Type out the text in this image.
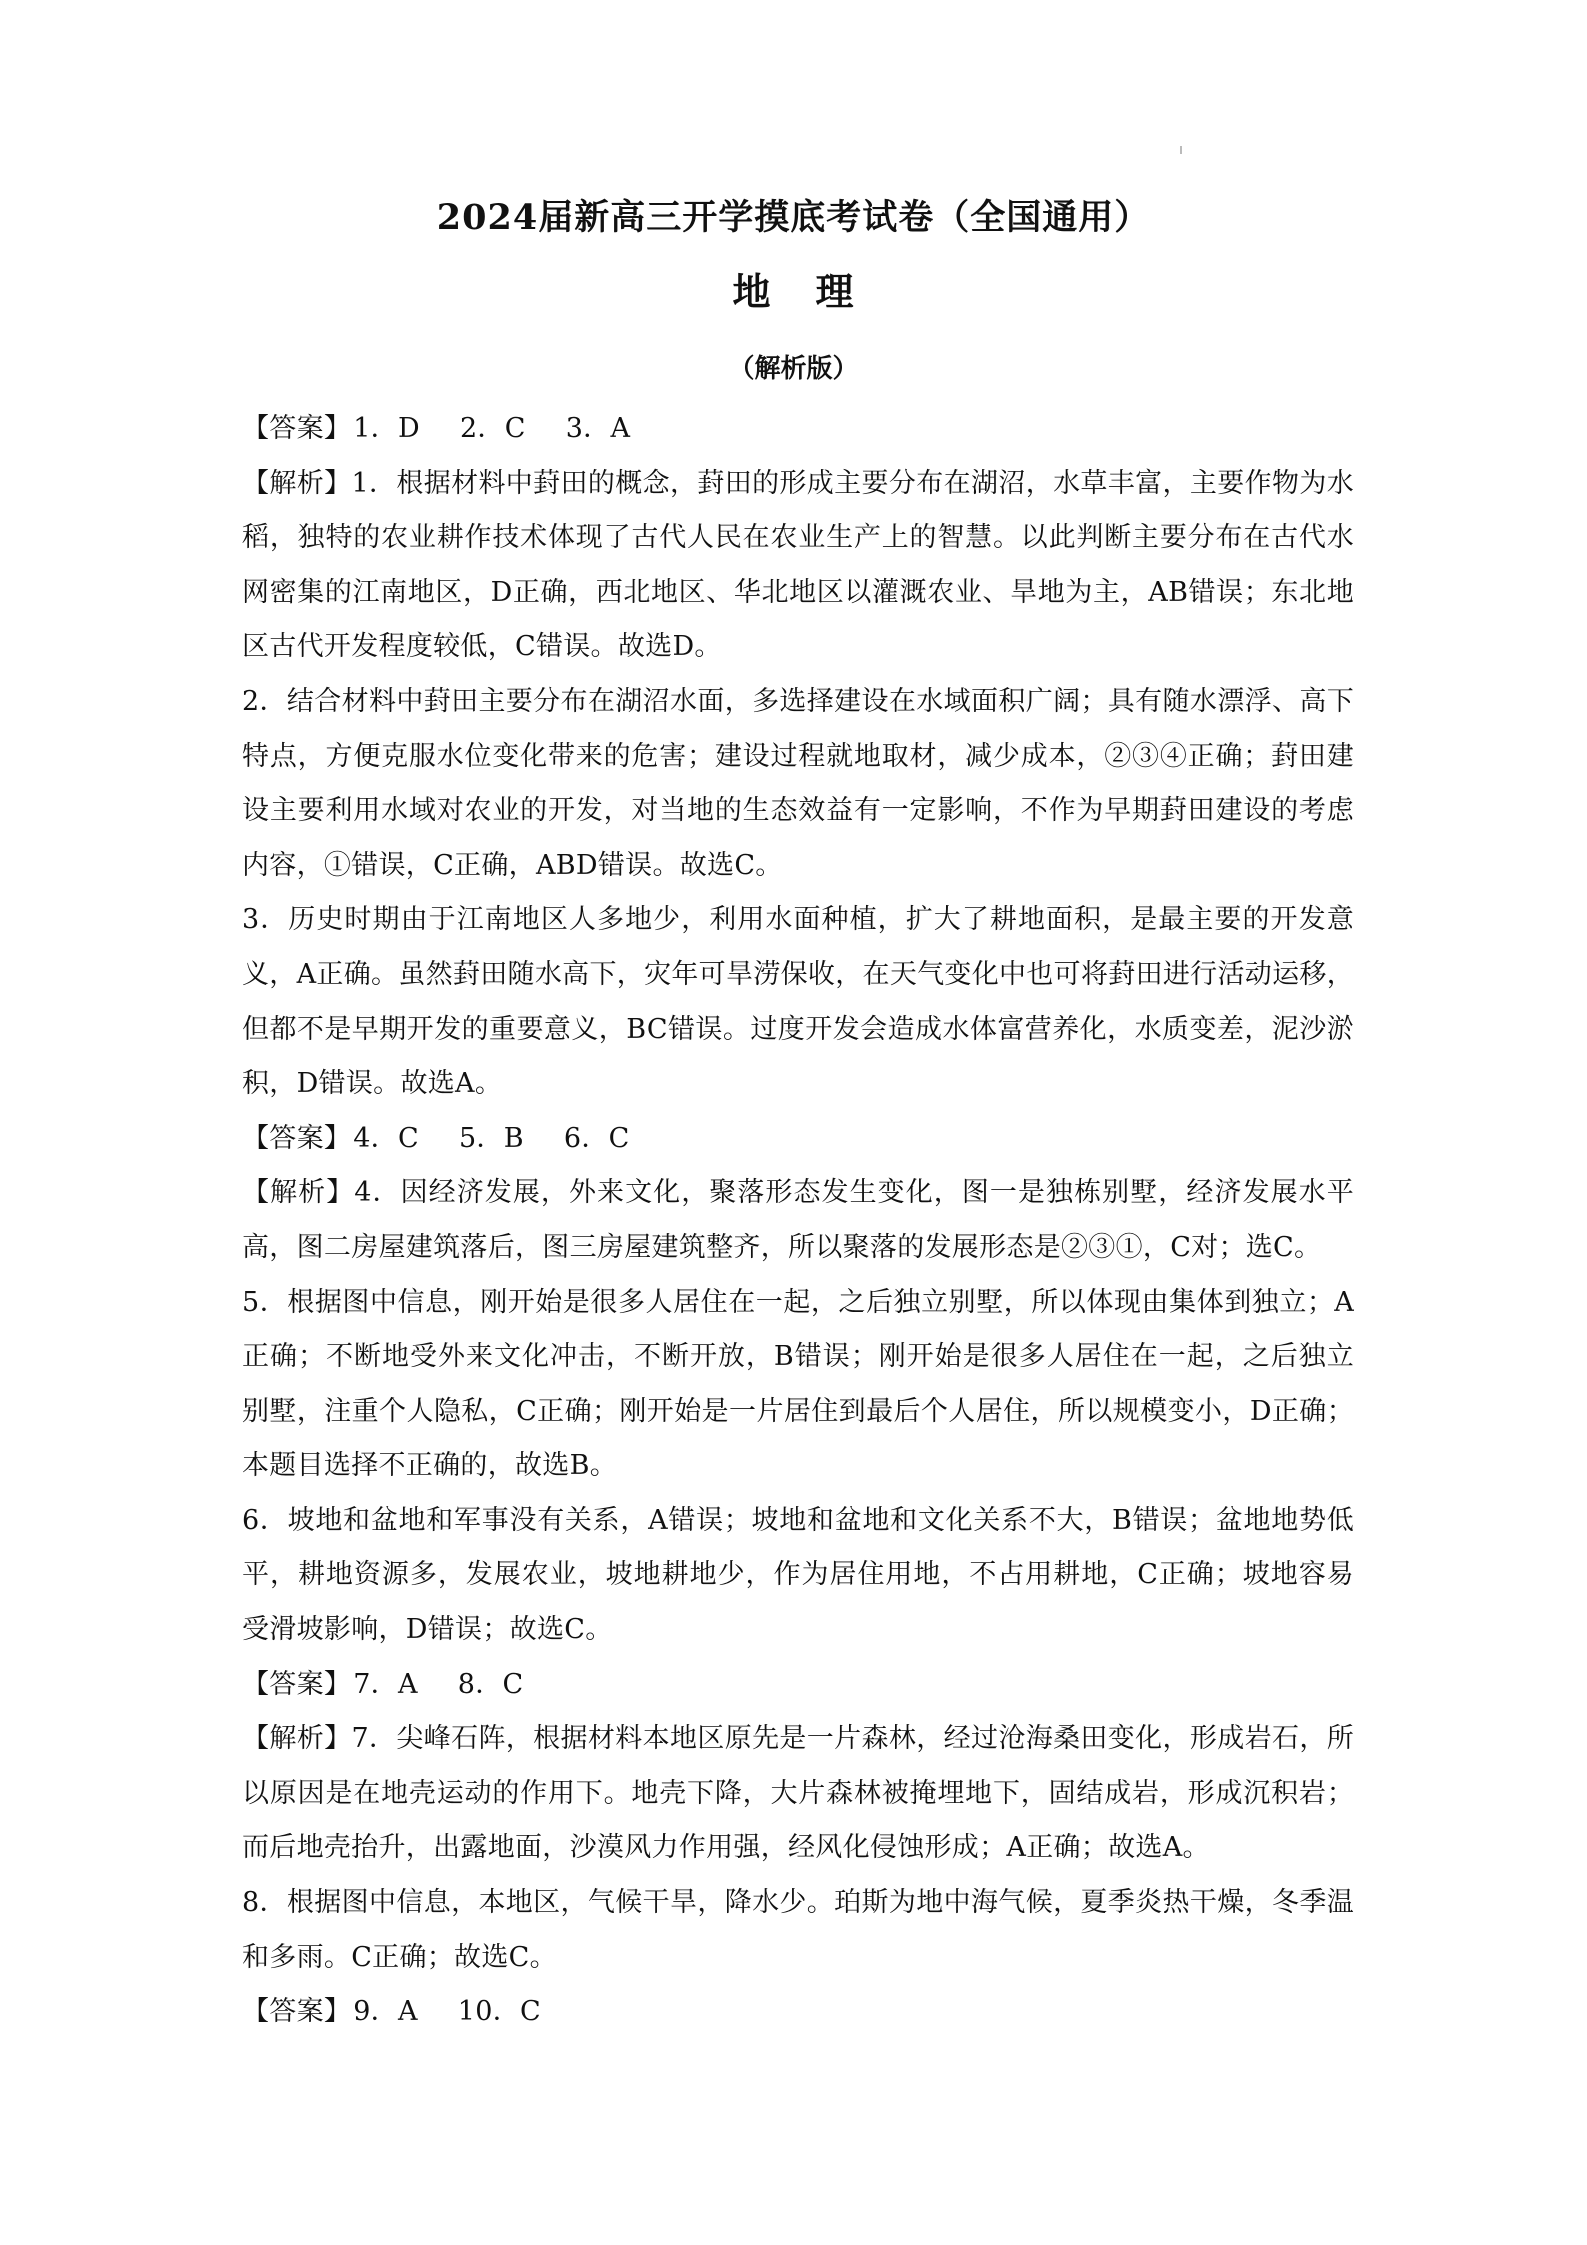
2024届新高三开学摸底考试卷（全国通用）
地 理
（解析版）

【答案】1．D 2．C 3．A

【解析】1．根据材料中葑田的概念，葑田的形成主要分布在湖沼，水草丰富，主要作物为水稻，独特的农业耕作技术体现了古代人民在农业生产上的智慧。以此判断主要分布在古代水网密集的江南地区，D正确，西北地区、华北地区以灌溉农业、旱地为主，AB错误；东北地区古代开发程度较低，C错误。故选D。

2．结合材料中葑田主要分布在湖沼水面，多选择建设在水域面积广阔；具有随水漂浮、高下特点，方便克服水位变化带来的危害；建设过程就地取材，减少成本，②③④正确；葑田建设主要利用水域对农业的开发，对当地的生态效益有一定影响，不作为早期葑田建设的考虑内容，①错误，C正确，ABD错误。故选C。

3．历史时期由于江南地区人多地少，利用水面种植，扩大了耕地面积，是最主要的开发意义，A正确。虽然葑田随水高下，灾年可旱涝保收，在天气变化中也可将葑田进行活动运移，但都不是早期开发的重要意义，BC错误。过度开发会造成水体富营养化，水质变差，泥沙淤积，D错误。故选A。

【答案】4．C 5．B 6．C

【解析】4．因经济发展，外来文化，聚落形态发生变化，图一是独栋别墅，经济发展水平高，图二房屋建筑落后，图三房屋建筑整齐，所以聚落的发展形态是②③①，C对；选C。

5．根据图中信息，刚开始是很多人居住在一起，之后独立别墅，所以体现由集体到独立；A正确；不断地受外来文化冲击，不断开放，B错误；刚开始是很多人居住在一起，之后独立别墅，注重个人隐私，C正确；刚开始是一片居住到最后个人居住，所以规模变小，D正确；本题目选择不正确的，故选B。

6．坡地和盆地和军事没有关系，A错误；坡地和盆地和文化关系不大，B错误；盆地地势低平，耕地资源多，发展农业，坡地耕地少，作为居住用地，不占用耕地，C正确；坡地容易受滑坡影响，D错误；故选C。

【答案】7．A 8．C

【解析】7．尖峰石阵，根据材料本地区原先是一片森林，经过沧海桑田变化，形成岩石，所以原因是在地壳运动的作用下。地壳下降，大片森林被掩埋地下，固结成岩，形成沉积岩；而后地壳抬升，出露地面，沙漠风力作用强，经风化侵蚀形成；A正确；故选A。

8．根据图中信息，本地区，气候干旱，降水少。珀斯为地中海气候，夏季炎热干燥，冬季温和多雨。C正确；故选C。

【答案】9．A 10．C
